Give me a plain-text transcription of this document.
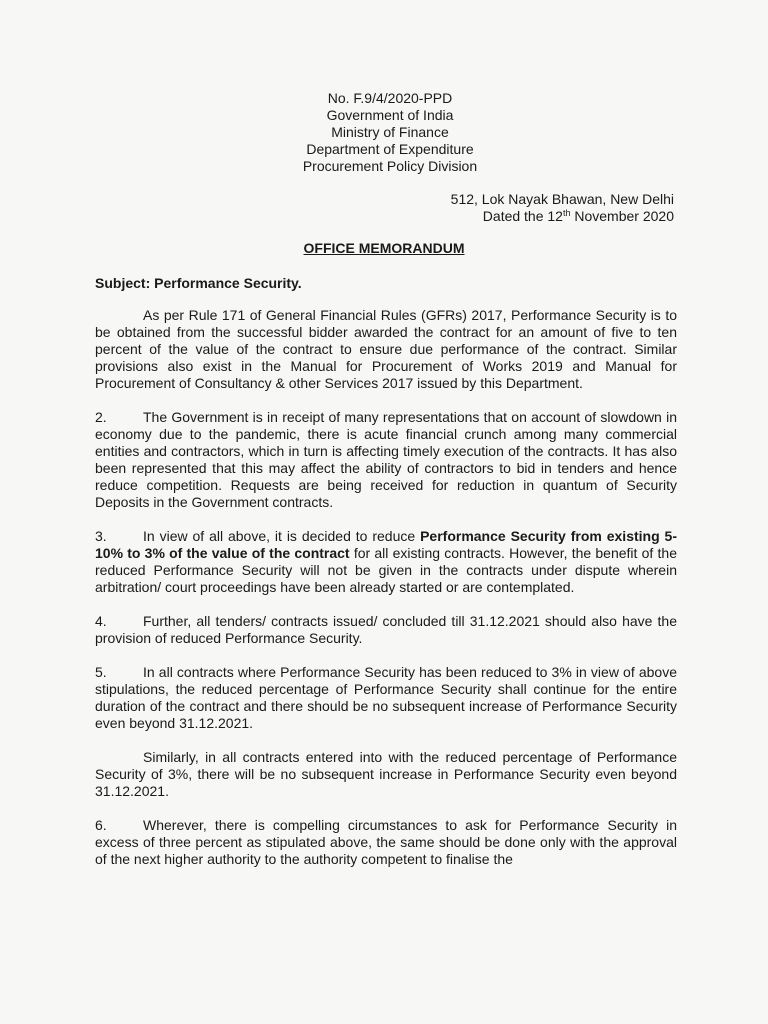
No. F.9/4/2020-PPD
Government of India
Ministry of Finance
Department of Expenditure
Procurement Policy Division
512, Lok Nayak Bhawan, New Delhi
Dated the 12th November 2020
OFFICE MEMORANDUM
Subject: Performance Security.

As per Rule 171 of General Financial Rules (GFRs) 2017, Performance Security is to be obtained from the successful bidder awarded the contract for an amount of five to ten percent of the value of the contract to ensure due performance of the contract. Similar provisions also exist in the Manual for Procurement of Works 2019 and Manual for Procurement of Consultancy & other Services 2017 issued by this Department.

2.	The Government is in receipt of many representations that on account of slowdown in economy due to the pandemic, there is acute financial crunch among many commercial entities and contractors, which in turn is affecting timely execution of the contracts. It has also been represented that this may affect the ability of contractors to bid in tenders and hence reduce competition. Requests are being received for reduction in quantum of Security Deposits in the Government contracts.

3.	In view of all above, it is decided to reduce Performance Security from existing 5-10% to 3% of the value of the contract for all existing contracts. However, the benefit of the reduced Performance Security will not be given in the contracts under dispute wherein arbitration/ court proceedings have been already started or are contemplated.

4.	Further, all tenders/ contracts issued/ concluded till 31.12.2021 should also have the provision of reduced Performance Security.

5.	In all contracts where Performance Security has been reduced to 3% in view of above stipulations, the reduced percentage of Performance Security shall continue for the entire duration of the contract and there should be no subsequent increase of Performance Security even beyond 31.12.2021.

Similarly, in all contracts entered into with the reduced percentage of Performance Security of 3%, there will be no subsequent increase in Performance Security even beyond 31.12.2021.

6.	Wherever, there is compelling circumstances to ask for Performance Security in excess of three percent as stipulated above, the same should be done only with the approval of the next higher authority to the authority competent to finalise the
